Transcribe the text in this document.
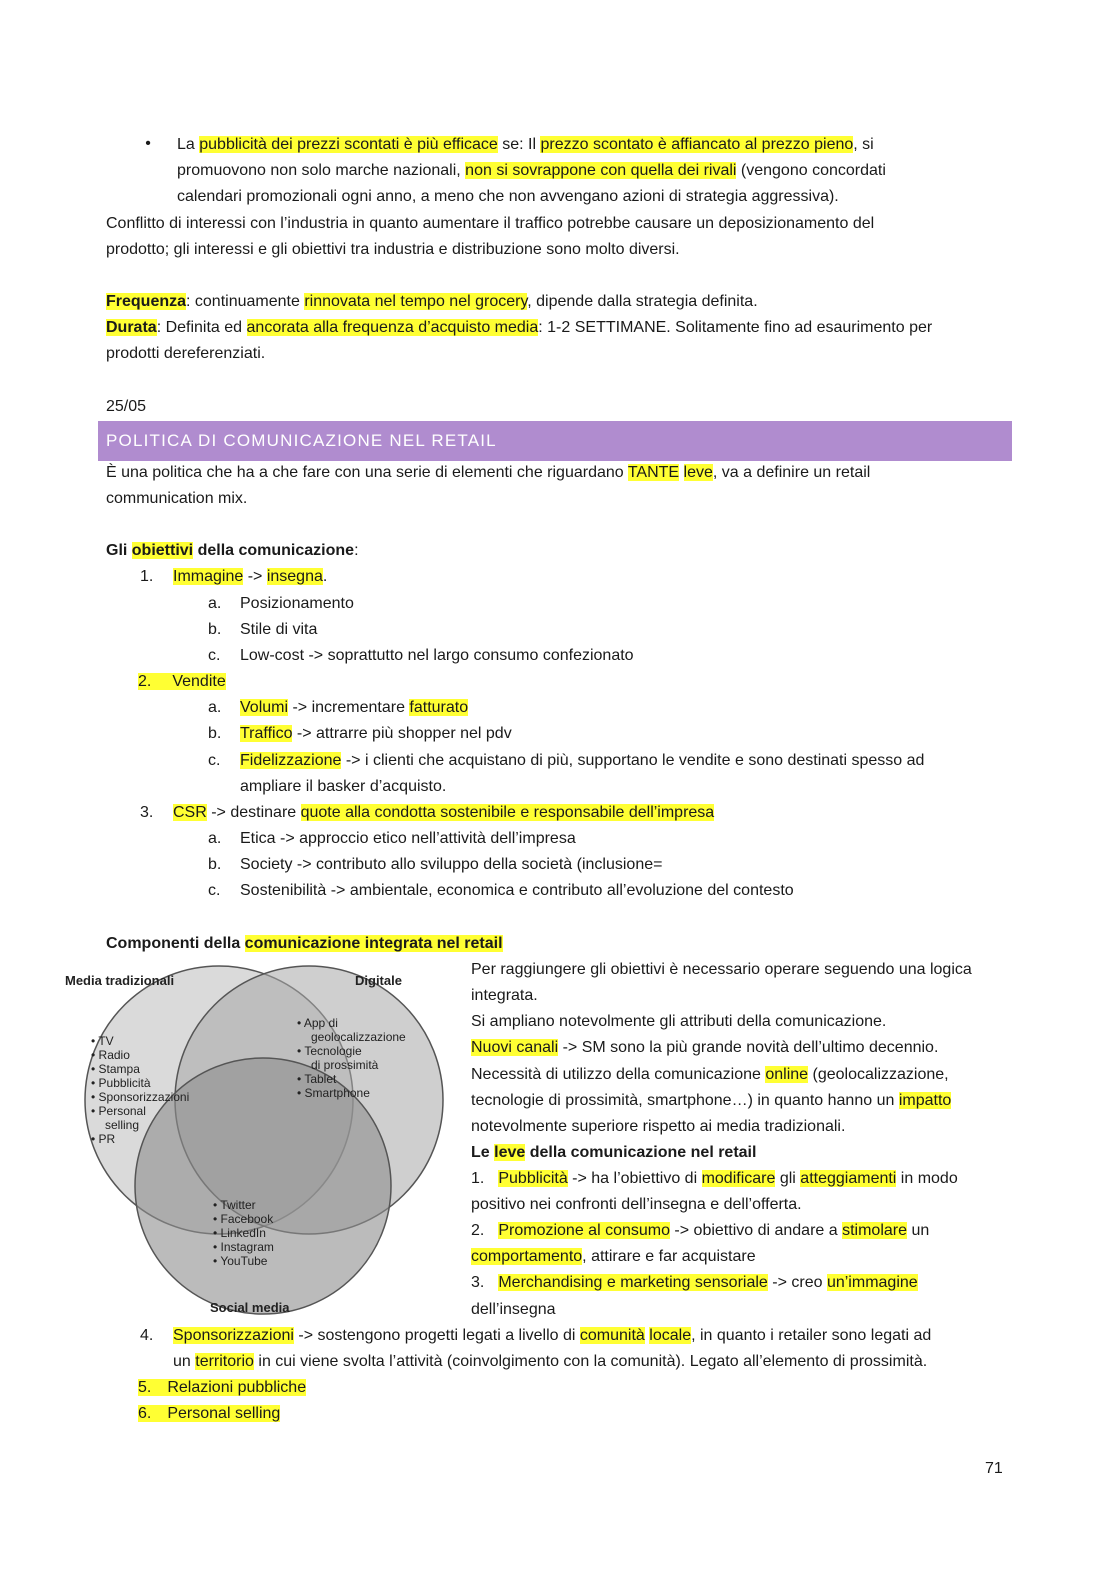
• La pubblicità dei prezzi scontati è più efficace se: Il prezzo scontato è affiancato al prezzo pieno, si
promuovono non solo marche nazionali, non si sovrappone con quella dei rivali (vengono concordati
calendari promozionali ogni anno, a meno che non avvengano azioni di strategia aggressiva).
Conflitto di interessi con l’industria in quanto aumentare il traffico potrebbe causare un deposizionamento del
prodotto; gli interessi e gli obiettivi tra industria e distribuzione sono molto diversi.
Frequenza: continuamente rinnovata nel tempo nel grocery, dipende dalla strategia definita.
Durata: Definita ed ancorata alla frequenza d’acquisto media: 1-2 SETTIMANE. Solitamente fino ad esaurimento per
prodotti dereferenziati.
25/05
POLITICA DI COMUNICAZIONE NEL RETAIL
È una politica che ha a che fare con una serie di elementi che riguardano TANTE leve, va a definire un retail
communication mix.
Gli obiettivi della comunicazione:
1. Immagine -> insegna.
a. Posizionamento
b. Stile di vita
c. Low-cost -> soprattutto nel largo consumo confezionato
2. Vendite
a. Volumi -> incrementare fatturato
b. Traffico -> attrarre più shopper nel pdv
c. Fidelizzazione -> i clienti che acquistano di più, supportano le vendite e sono destinati spesso ad
ampliare il basker d’acquisto.
3. CSR -> destinare quote alla condotta sostenibile e responsabile dell’impresa
a. Etica -> approccio etico nell’attività dell’impresa
b. Society -> contributo allo sviluppo della società (inclusione=
c. Sostenibilità -> ambientale, economica e contributo all’evoluzione del contesto
Componenti della comunicazione integrata nel retail
Media tradizionali	Digitale
Social media
• TV
• Radio
• Stampa
• Pubblicità
• Sponsorizzazioni
• Personal
selling
• PR
• App di
geolocalizzazione
• Tecnologie
di prossimità
• Tablet
• Smartphone
• Twitter
• Facebook
• LinkedIn
• Instagram
• YouTube
Per raggiungere gli obiettivi è necessario operare seguendo una logica
integrata.
Si ampliano notevolmente gli attributi della comunicazione.
Nuovi canali -> SM sono la più grande novità dell’ultimo decennio.
Necessità di utilizzo della comunicazione online (geolocalizzazione,
tecnologie di prossimità, smartphone…) in quanto hanno un impatto
notevolmente superiore rispetto ai media tradizionali.
Le leve della comunicazione nel retail
1. Pubblicità -> ha l’obiettivo di modificare gli atteggiamenti in modo
positivo nei confronti dell’insegna e dell’offerta.
2. Promozione al consumo -> obiettivo di andare a stimolare un
comportamento, attirare e far acquistare
3. Merchandising e marketing sensoriale -> creo un’immagine
dell’insegna
4. Sponsorizzazioni -> sostengono progetti legati a livello di comunità locale, in quanto i retailer sono legati ad
un territorio in cui viene svolta l’attività (coinvolgimento con la comunità). Legato all’elemento di prossimità.
5. Relazioni pubbliche
6. Personal selling
71
